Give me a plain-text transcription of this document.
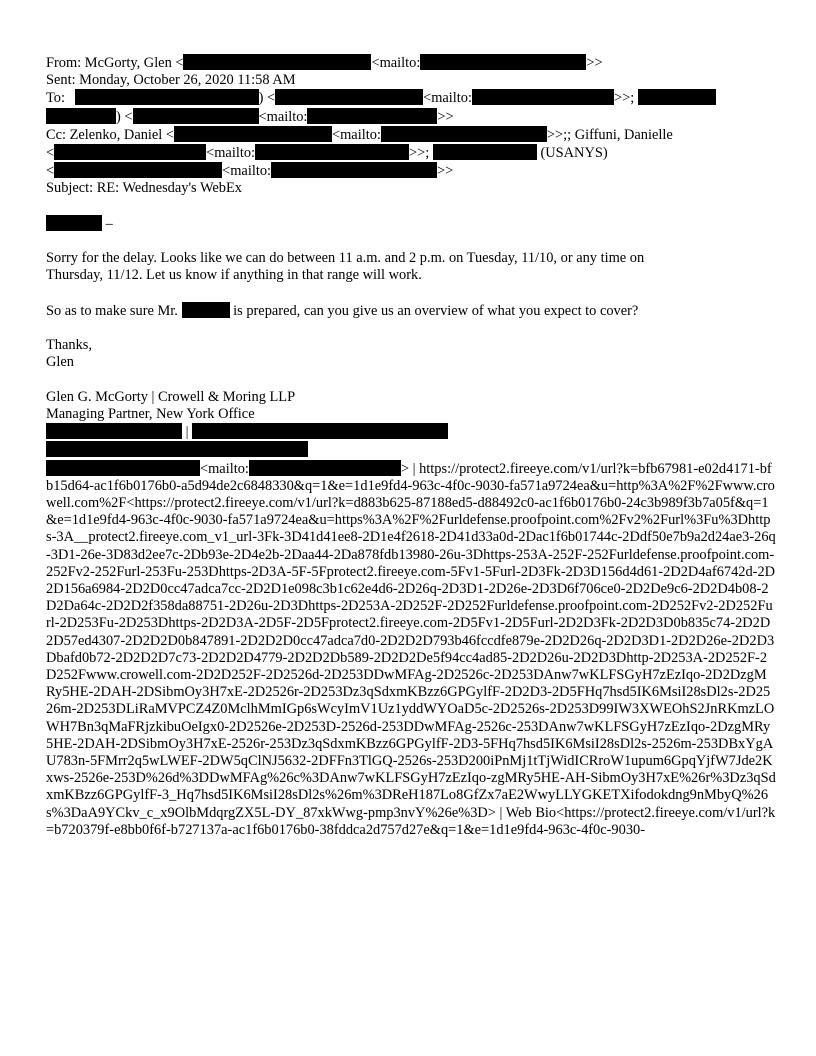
From: McGorty, Glen <	<mailto:	>>
Sent: Monday, October 26, 2020 11:58 AM
To:	) <	<mailto:	>>;
) <	<mailto:	>>
Cc: Zelenko, Daniel <	<mailto:	>>;; Giffuni, Danielle
<	<mailto:	>>;	(USANYS)
<	<mailto:	>>
Subject: RE: Wednesday's WebEx
–
Sorry for the delay. Looks like we can do between 11 a.m. and 2 p.m. on Tuesday, 11/10, or any time on
Thursday, 11/12. Let us know if anything in that range will work.
So as to make sure Mr.	is prepared, can you give us an overview of what you expect to cover?
Thanks,
Glen
Glen G. McGorty | Crowell & Moring LLP
Managing Partner, New York Office
|
<mailto:	> | https://protect2.fireeye.com/v1/url?k=bfb67981-e02d4171-bfb15d64-ac1f6b0176b0-a5d94de2c6848330&q=1&e=1d1e9fd4-963c-4f0c-9030-fa571a9724ea&u=http%3A%2F%2Fwww.crowell.com%2F<https://protect2.fireeye.com/v1/url?k=d883b625-87188ed5-d88492c0-ac1f6b0176b0-24c3b989f3b7a05f&q=1&e=1d1e9fd4-963c-4f0c-9030-fa571a9724ea&u=https%3A%2F%2Furldefense.proofpoint.com%2Fv2%2Furl%3Fu%3Dhttps-3A__protect2.fireeye.com_v1_url-3Fk-3D41d41ee8-2D1e4f2618-2D41d33a0d-2Dac1f6b01744c-2Ddf50e7b9a2d24ae3-26q-3D1-26e-3D83d2ee7c-2Db93e-2D4e2b-2Daa44-2Da878fdb13980-26u-3Dhttps-253A-252F-252Furldefense.proofpoint.com-252Fv2-252Furl-253Fu-253Dhttps-2D3A-5F-5Fprotect2.fireeye.com-5Fv1-5Furl-2D3Fk-2D3D156d4d61-2D2D4af6742d-2D2D156a6984-2D2D0cc47adca7cc-2D2D1e098c3b1c62e4d6-2D26q-2D3D1-2D26e-2D3D6f706ce0-2D2De9c6-2D2D4b08-2D2Da64c-2D2D2f358da88751-2D26u-2D3Dhttps-2D253A-2D252F-2D252Furldefense.proofpoint.com-2D252Fv2-2D252Furl-2D253Fu-2D253Dhttps-2D2D3A-2D5F-2D5Fprotect2.fireeye.com-2D5Fv1-2D5Furl-2D2D3Fk-2D2D3D0b835c74-2D2D2D57ed4307-2D2D2D0b847891-2D2D2D0cc47adca7d0-2D2D2D793b46fccdfe879e-2D2D26q-2D2D3D1-2D2D26e-2D2D3Dbafd0b72-2D2D2D7c73-2D2D2D4779-2D2D2Db589-2D2D2De5f94cc4ad85-2D2D26u-2D2D3Dhttp-2D253A-2D252F-2D252Fwww.crowell.com-2D2D252F-2D2526d-2D253DDwMFAg-2D2526c-2D253DAnw7wKLFSGyH7zEzIqo-2D2DzgMRy5HE-2DAH-2DSibmOy3H7xE-2D2526r-2D253Dz3qSdxmKBzz6GPGylfF-2D2D3-2D5FHq7hsd5IK6MsiI28sDl2s-2D2526m-2D253DLiRaMVPCZ4Z0MclhMmIGp6sWcyImV1Uz1yddWYOaD5c-2D2526s-2D253D99IW3XWEOhS2JnRKmzLOWH7Bn3qMaFRjzkibuOeIgx0-2D2526e-2D253D-2526d-253DDwMFAg-2526c-253DAnw7wKLFSGyH7zEzIqo-2DzgMRy5HE-2DAH-2DSibmOy3H7xE-2526r-253Dz3qSdxmKBzz6GPGylfF-2D3-5FHq7hsd5IK6MsiI28sDl2s-2526m-253DBxYgAU783n-5FMrr2q5wLWEF-2DW5qClNJ5632-2DFFn3TlGQ-2526s-253D200iPnMj1tTjWidICRroW1upum6GpqYjfW7Jde2Kxws-2526e-253D%26d%3DDwMFAg%26c%3DAnw7wKLFSGyH7zEzIqo-zgMRy5HE-AH-SibmOy3H7xE%26r%3Dz3qSdxmKBzz6GPGylfF-3_Hq7hsd5IK6MsiI28sDl2s%26m%3DReH187Lo8GfZx7aE2WwyLLYGKETXifodokdng9nMbyQ%26s%3DaA9YCkv_c_x9OlbMdqrgZX5L-DY_87xkWwg-pmp3nvY%26e%3D> | Web Bio<https://protect2.fireeye.com/v1/url?k=b720379f-e8bb0f6f-b727137a-ac1f6b0176b0-38fddca2d757d27e&q=1&e=1d1e9fd4-963c-4f0c-9030-
